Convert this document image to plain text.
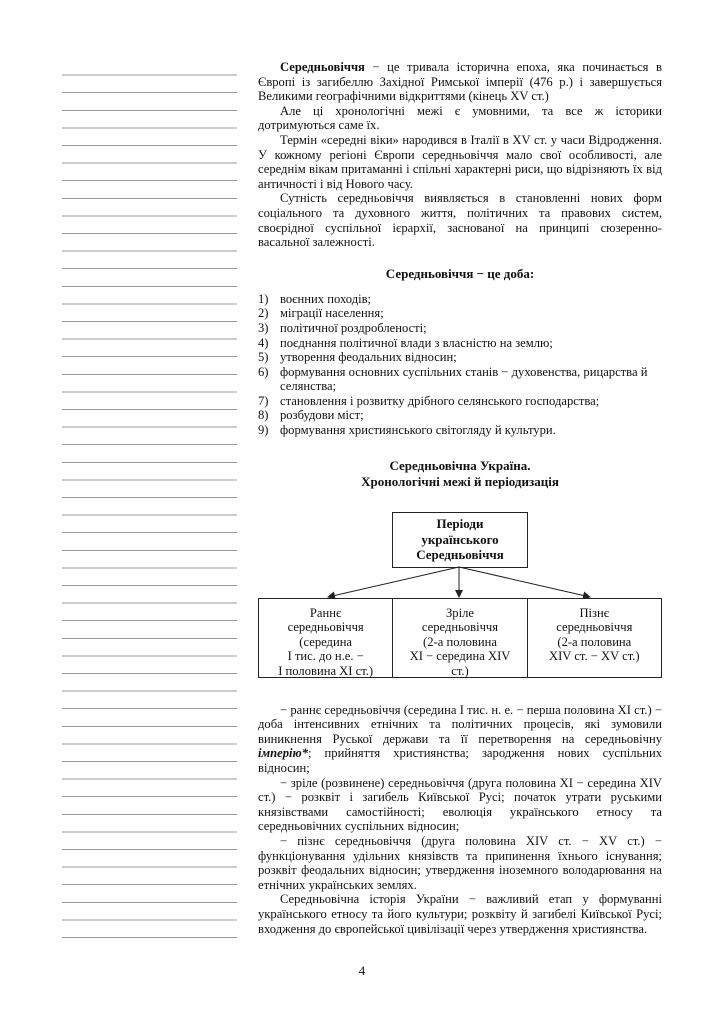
Середньовіччя − це тривала історична епоха, яка починається в Європі із загибеллю Західної Римської імперії (476 р.) і завершується Великими географічними відкриттями (кінець XV ст.)

Але ці хронологічні межі є умовними, та все ж історики дотримуються саме їх.

Термін «середні віки» народився в Італії в XV ст. у часи Відродження. У кожному регіоні Європи середньовіччя мало свої особливості, але середнім вікам притаманні і спільні характерні риси, що відрізняють їх від античності і від Нового часу.

Сутність середньовіччя виявляється в становленні нових форм соціального та духовного життя, політичних та правових систем, своєрідної суспільної ієрархії, заснованої на принципі сюзеренно-васальної залежності.

Середньовіччя − це доба:
1) воєнних походів;
2) міграції населення;
3) політичної роздробленості;
4) поєднання політичної влади з власністю на землю;
5) утворення феодальних відносин;
6) формування основних суспільних станів − духовенства, рицарства й селянства;
7) становлення і розвитку дрібного селянського господарства;
8) розбудови міст;
9) формування християнського світогляду й культури.
Середньовічна Україна.
Хронологічні межі й періодизація
Періоди
українського
Середньовіччя
Раннє
середньовіччя
(середина
I тис. до н.е. −
I половина XI ст.)
Зріле
середньовіччя
(2-а половина
XI − середина XIV
ст.)
Пізнє
середньовіччя
(2-а половина
XIV ст. − XV ст.)

− раннє середньовіччя (середина I тис. н. е. − перша половина XI ст.) − доба інтенсивних етнічних та політичних процесів, які зумовили виникнення Руської держави та її перетворення на середньовічну імперію*; прийняття християнства; зародження нових суспільних відносин;

− зріле (розвинене) середньовіччя (друга половина XI − середина XIV ст.) − розквіт і загибель Київської Русі; початок утрати руськими князівствами самостійності; еволюція українського етносу та середньовічних суспільних відносин;

− пізнє середньовіччя (друга половина XIV ст. − XV ст.) − функціонування удільних князівств та припинення їхнього існування; розквіт феодальних відносин; утвердження іноземного володарювання на етнічних українських землях.

Середньовічна історія України − важливий етап у формуванні українського етносу та його культури; розквіту й загибелі Київської Русі; входження до європейської цивілізації через утвердження християнства.

4
